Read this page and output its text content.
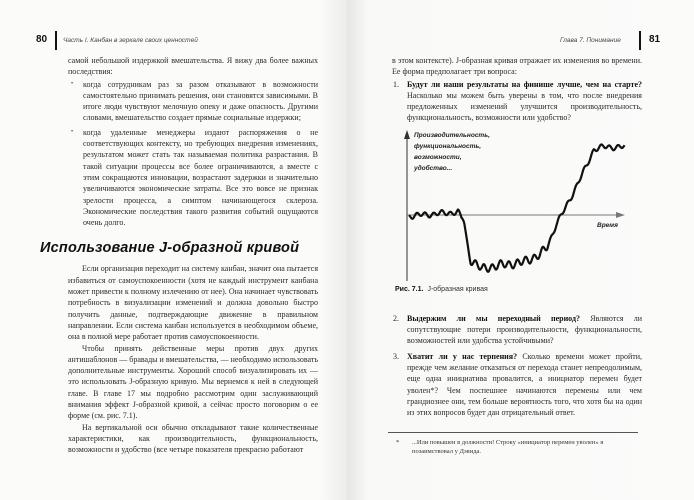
80 Часть I. Канбан в зеркале своих ценностей

самой небольшой издержкой вмешательства. Я вижу два более важных последствия:

• когда сотрудникам раз за разом отказывают в возможности самостоятельно принимать решения, они становятся зависимыми. В итоге люди чувствуют мелочную опеку и даже опасность. Другими словами, вмешательство создает прямые социальные издержки;
• когда удаленные менеджеры издают распоряжения о не соответствующих контексту, но требующих внедрения изменениях, результатом может стать так называемая политика разрастания. В такой ситуации процессы все более ограничиваются, а вместе с этим сокращаются инновации, возрастают задержки и значительно увеличиваются экономические затраты. Все это вовсе не признак зрелости процесса, а симптом начинающегося склероза. Экономические последствия такого развития событий ощущаются очень долго.
Использование J-образной кривой

Если организация переходит на систему канбан, значит она пытается избавиться от самоуспокоенности (хотя не каждый инструмент канбана может привести к полному излечению от нее). Она начинает чувствовать потребность в визуализации изменений и должна довольно быстро получить данные, подтверждающие движение в правильном направлении. Если система канбан используется в необходимом объеме, она в полной мере работает против самоуспокоенности.

Чтобы принять действенные меры против двух других антишаблонов — бравады и вмешательства, — необходимо использовать дополнительные инструменты. Хороший способ визуализировать их — это использовать J-образную кривую. Мы вернемся к ней в следующей главе. В главе 17 мы подробно рассмотрим один заслуживающий внимания эффект J-образной кривой, а сейчас просто поговорим о ее форме (см. рис. 7.1).

На вертикальной оси обычно откладывают такие количественные характеристики, как производительность, функциональность, возможности и удобство (все четыре показателя прекрасно работают

Глава 7. Понимание	81

в этом контексте). J-образная кривая отражает их изменения во времени. Ее форма предполагает три вопроса:

1. Будут ли наши результаты на финише лучше, чем на старте? Насколько мы можем быть уверены в том, что после внедрения предложенных изменений улучшится производительность, функциональность, возможности или удобство?
Производительность,
функциональность,
возможности,
удобство...
Время
Рис. 7.1. J-образная кривая
2. Выдержим ли мы переходный период? Являются ли сопутствующие потери производительности, функциональности, возможностей или удобства устойчивыми?
3. Хватит ли у нас терпения? Сколько времени может пройти, прежде чем желание отказаться от перехода станет непреодолимым, еще одна инициатива провалится, а инициатор перемен будет уволен*? Чем поспешнее начинаются перемены или чем грандиознее они, тем больше вероятность того, что хотя бы на один из этих вопросов будет дан отрицательный ответ.
*	...Или повышен в должности! Строку «инициатор перемен уволен» я позаимствовал у Дэвида.
